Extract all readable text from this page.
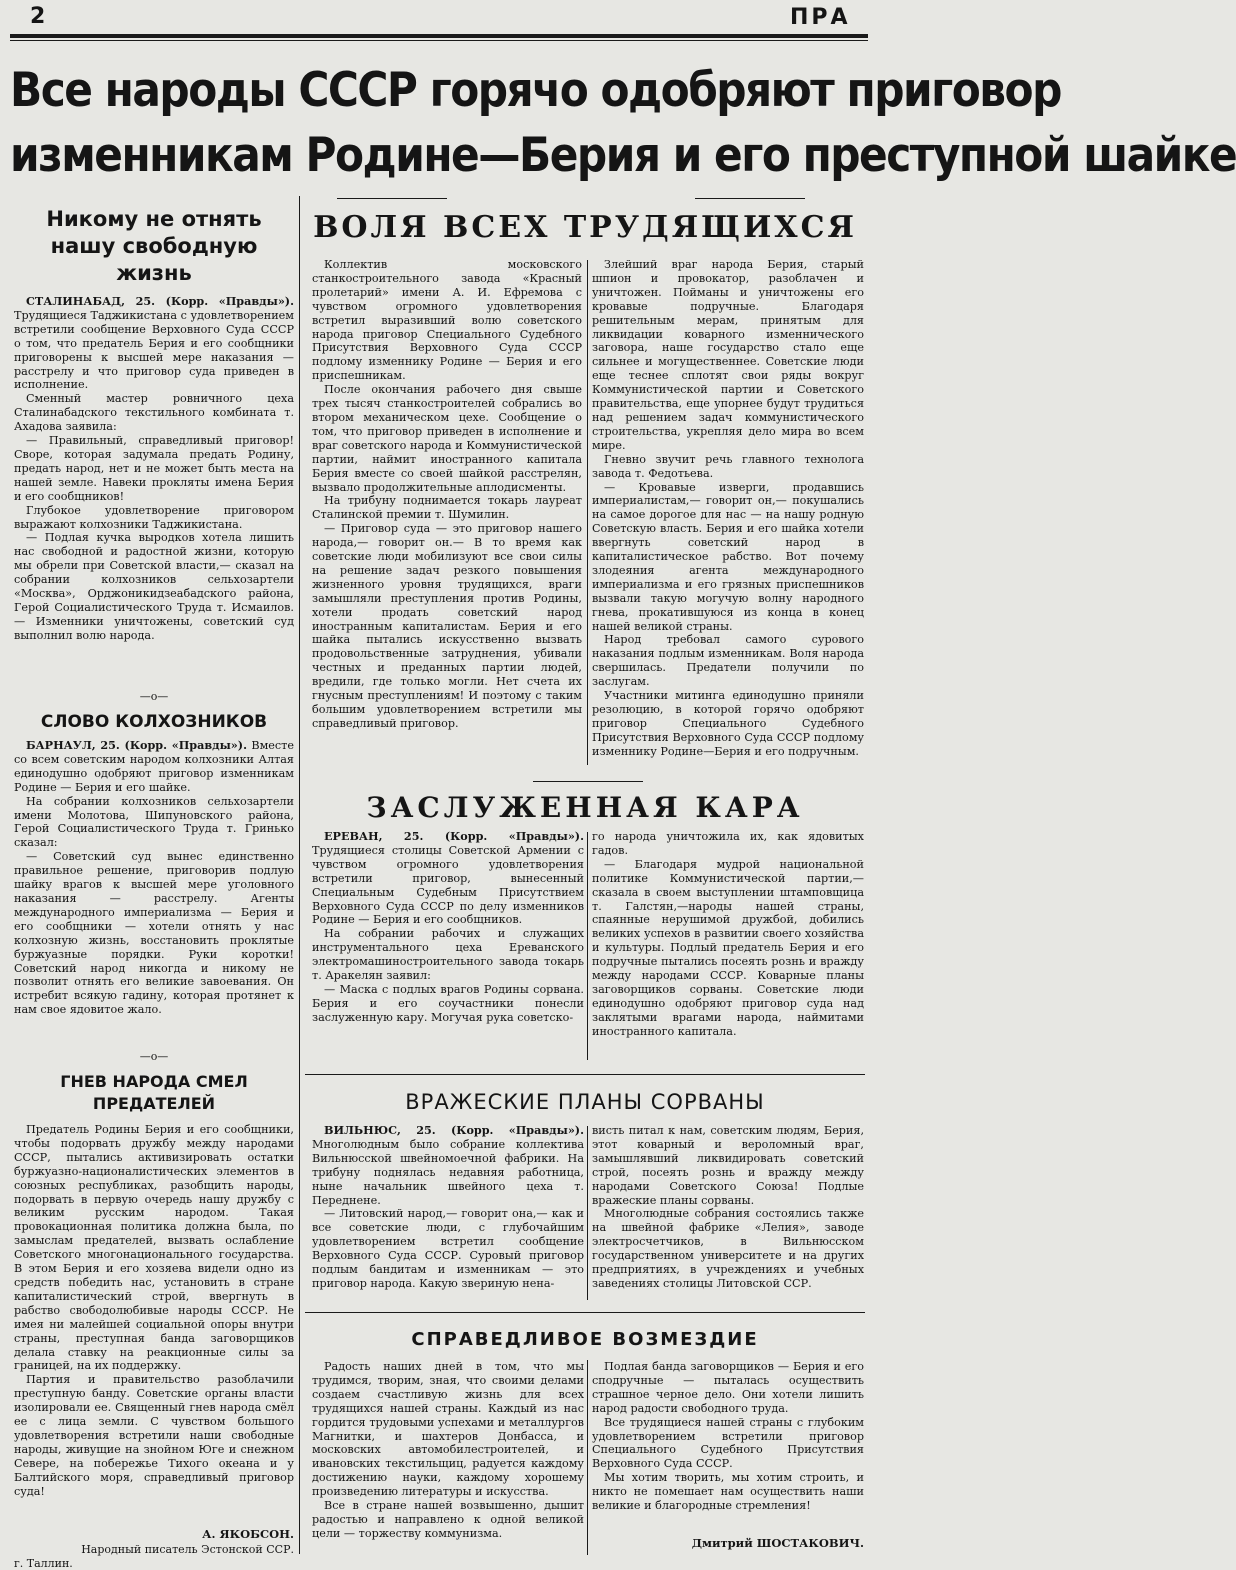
2	ПРА
Все народы СССР горячо одобряют приговор
изменникам Родине—Берия и его преступной шайке
Никому не отнять
нашу свободную жизнь

СТАЛИНАБАД, 25. (Корр. «Правды»). Трудящиеся Таджикистана с удовлетворением встретили сообщение Верховного Суда СССР о том, что предатель Берия и его сообщники приговорены к высшей мере наказания — расстрелу и что приговор суда приведен в исполнение.

Сменный мастер ровничного цеха Сталинабадского текстильного комбината т. Ахадова заявила:

— Правильный, справедливый приговор! Своре, которая задумала предать Родину, предать народ, нет и не может быть места на нашей земле. Навеки прокляты имена Берия и его сообщников!

Глубокое удовлетворение приговором выражают колхозники Таджикистана.

— Подлая кучка выродков хотела лишить нас свободной и радостной жизни, которую мы обрели при Советской власти,— сказал на собрании колхозников сельхозартели «Москва», Орджоникидзеабадского района, Герой Социалистического Труда т. Исмаилов.— Изменники уничтожены, советский суд выполнил волю народа.

—o—
СЛОВО КОЛХОЗНИКОВ

БАРНАУЛ, 25. (Корр. «Правды»). Вместе со всем советским народом колхозники Алтая единодушно одобряют приговор изменникам Родине — Берия и его шайке.

На собрании колхозников сельхозартели имени Молотова, Шипуновского района, Герой Социалистического Труда т. Гринько сказал:

— Советский суд вынес единственно правильное решение, приговорив подлую шайку врагов к высшей мере уголовного наказания — расстрелу. Агенты международного империализма — Берия и его сообщники — хотели отнять у нас колхозную жизнь, восстановить проклятые буржуазные порядки. Руки коротки! Советский народ никогда и никому не позволит отнять его великие завоевания. Он истребит всякую гадину, которая протянет к нам свое ядовитое жало.

—o—
ГНЕВ НАРОДА СМЕЛ
ПРЕДАТЕЛЕЙ

Предатель Родины Берия и его сообщники, чтобы подорвать дружбу между народами СССР, пытались активизировать остатки буржуазно-националистических элементов в союзных республиках, разобщить народы, подорвать в первую очередь нашу дружбу с великим русским народом. Такая провокационная политика должна была, по замыслам предателей, вызвать ослабление Советского многонационального государства. В этом Берия и его хозяева видели одно из средств победить нас, установить в стране капиталистический строй, ввергнуть в рабство свободолюбивые народы СССР. Не имея ни малейшей социальной опоры внутри страны, преступная банда заговорщиков делала ставку на реакционные силы за границей, на их поддержку.

Партия и правительство разоблачили преступную банду. Советские органы власти изолировали ее. Священный гнев народа смёл ее с лица земли. С чувством большого удовлетворения встретили наши свободные народы, живущие на знойном Юге и снежном Севере, на побережье Тихого океана и у Балтийского моря, справедливый приговор суда!

А. ЯКОБСОН.
Народный писатель Эстонской ССР.
г. Таллин.
ВОЛЯ ВСЕХ ТРУДЯЩИХСЯ

Коллектив московского станкостроительного завода «Красный пролетарий» имени А. И. Ефремова с чувством огромного удовлетворения встретил выразивший волю советского народа приговор Специального Судебного Присутствия Верховного Суда СССР подлому изменнику Родине — Берия и его приспешникам.

После окончания рабочего дня свыше трех тысяч станкостроителей собрались во втором механическом цехе. Сообщение о том, что приговор приведен в исполнение и враг советского народа и Коммунистической партии, наймит иностранного капитала Берия вместе со своей шайкой расстрелян, вызвало продолжительные аплодисменты.

На трибуну поднимается токарь лауреат Сталинской премии т. Шумилин.

— Приговор суда — это приговор нашего народа,— говорит он.— В то время как советские люди мобилизуют все свои силы на решение задач резкого повышения жизненного уровня трудящихся, враги замышляли преступления против Родины, хотели продать советский народ иностранным капиталистам. Берия и его шайка пытались искусственно вызвать продовольственные затруднения, убивали честных и преданных партии людей, вредили, где только могли. Нет счета их гнусным преступлениям! И поэтому с таким большим удовлетворением встретили мы справедливый приговор.

Злейший враг народа Берия, старый шпион и провокатор, разоблачен и уничтожен. Пойманы и уничтожены его кровавые подручные. Благодаря решительным мерам, принятым для ликвидации коварного изменнического заговора, наше государство стало еще сильнее и могущественнее. Советские люди еще теснее сплотят свои ряды вокруг Коммунистической партии и Советского правительства, еще упорнее будут трудиться над решением задач коммунистического строительства, укрепляя дело мира во всем мире.

Гневно звучит речь главного технолога завода т. Федотьева.

— Кровавые изверги, продавшись империалистам,— говорит он,— покушались на самое дорогое для нас — на нашу родную Советскую власть. Берия и его шайка хотели ввергнуть советский народ в капиталистическое рабство. Вот почему злодеяния агента международного империализма и его грязных приспешников вызвали такую могучую волну народного гнева, прокатившуюся из конца в конец нашей великой страны.

Народ требовал самого сурового наказания подлым изменникам. Воля народа свершилась. Предатели получили по заслугам.

Участники митинга единодушно приняли резолюцию, в которой горячо одобряют приговор Специального Судебного Присутствия Верховного Суда СССР подлому изменнику Родине—Берия и его подручным.

ЗАСЛУЖЕННАЯ КАРА

ЕРЕВАН, 25. (Корр. «Правды»). Трудящиеся столицы Советской Армении с чувством огромного удовлетворения встретили приговор, вынесенный Специальным Судебным Присутствием Верховного Суда СССР по делу изменников Родине — Берия и его сообщников.

На собрании рабочих и служащих инструментального цеха Ереванского электромашиностроительного завода токарь т. Аракелян заявил:

— Маска с подлых врагов Родины сорвана. Берия и его соучастники понесли заслуженную кару. Могучая рука советско-

го народа уничтожила их, как ядовитых гадов.

— Благодаря мудрой национальной политике Коммунистической партии,— сказала в своем выступлении штамповщица т. Галстян,—народы нашей страны, спаянные нерушимой дружбой, добились великих успехов в развитии своего хозяйства и культуры. Подлый предатель Берия и его подручные пытались посеять рознь и вражду между народами СССР. Коварные планы заговорщиков сорваны. Советские люди единодушно одобряют приговор суда над заклятыми врагами народа, наймитами иностранного капитала.

ВРАЖЕСКИЕ ПЛАНЫ СОРВАНЫ

ВИЛЬНЮС, 25. (Корр. «Правды»). Многолюдным было собрание коллектива Вильнюсской швейномоечной фабрики. На трибуну поднялась недавняя работница, ныне начальник швейного цеха т. Переднене.

— Литовский народ,— говорит она,— как и все советские люди, с глубочайшим удовлетворением встретил сообщение Верховного Суда СССР. Суровый приговор подлым бандитам и изменникам — это приговор народа. Какую звериную нена-

висть питал к нам, советским людям, Берия, этот коварный и вероломный враг, замышлявший ликвидировать советский строй, посеять рознь и вражду между народами Советского Союза! Подлые вражеские планы сорваны.

Многолюдные собрания состоялись также на швейной фабрике «Лелия», заводе электросчетчиков, в Вильнюсском государственном университете и на других предприятиях, в учреждениях и учебных заведениях столицы Литовской ССР.

СПРАВЕДЛИВОЕ ВОЗМЕЗДИЕ

Радость наших дней в том, что мы трудимся, творим, зная, что своими делами создаем счастливую жизнь для всех трудящихся нашей страны. Каждый из нас гордится трудовыми успехами и металлургов Магнитки, и шахтеров Донбасса, и московских автомобилестроителей, и ивановских текстильщиц, радуется каждому достижению науки, каждому хорошему произведению литературы и искусства.

Все в стране нашей возвышенно, дышит радостью и направлено к одной великой цели — торжеству коммунизма.

Подлая банда заговорщиков — Берия и его сподручные — пыталась осуществить страшное черное дело. Они хотели лишить народ радости свободного труда.

Все трудящиеся нашей страны с глубоким удовлетворением встретили приговор Специального Судебного Присутствия Верховного Суда СССР.

Мы хотим творить, мы хотим строить, и никто не помешает нам осуществить наши великие и благородные стремления!

Дмитрий ШОСТАКОВИЧ.
